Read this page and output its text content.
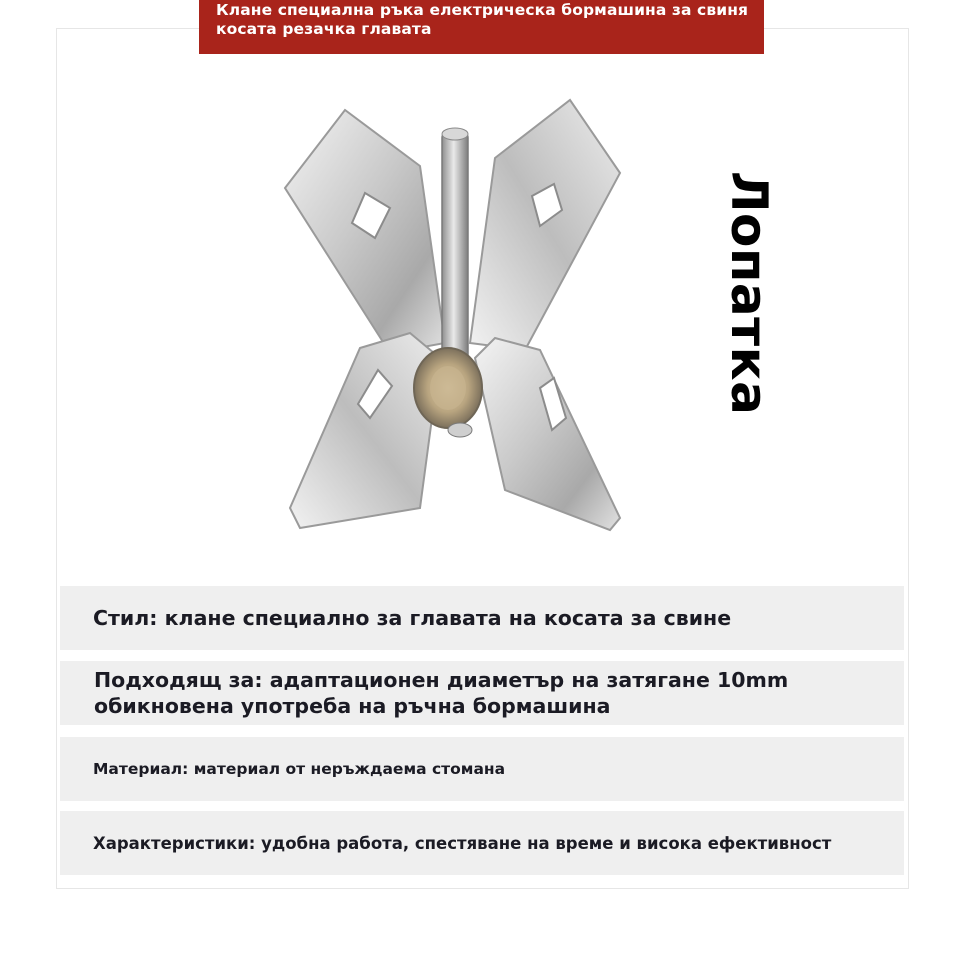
Клане специална ръка електрическа бормашина за свиня косата резачка главата
Лопатка
Стил: клане специално за главата на косата за свине
Подходящ за: адаптационен диаметър на затягане 10mm обикновена употреба на ръчна бормашина
Материал: материал от неръждаема стомана
Характеристики: удобна работа, спестяване на време и висока ефективност
